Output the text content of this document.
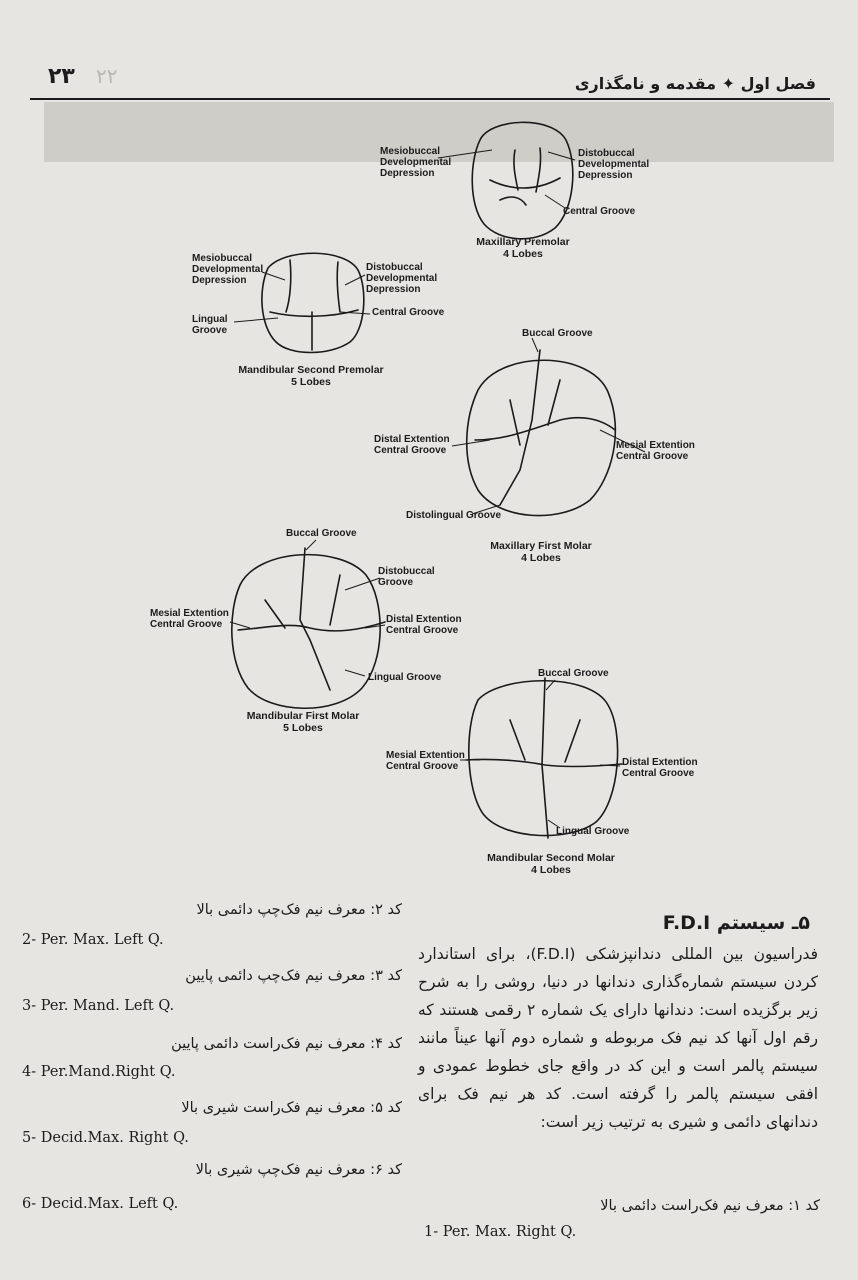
۲۳ ۲۲	فصل اول ✦ مقدمه و نامگذاری
Mesiobuccal
Developmental
Depression
Distobuccal
Developmental
Depression
Central Groove
Maxillary Premolar
4 Lobes
Mesiobuccal
Developmental
Depression
Distobuccal
Developmental
Depression
Central Groove
Lingual
Groove
Mandibular Second Premolar
5 Lobes
Buccal Groove
Distal Extention
Central Groove	Mesial Extention
Central Groove
Distolingual Groove
Maxillary First Molar
4 Lobes
Buccal Groove
Distobuccal
Groove
Mesial Extention
Central Groove	Distal Extention
Central Groove
Lingual Groove
Mandibular First Molar
5 Lobes
Buccal Groove
Mesial Extention
Central Groove	Distal Extention
Central Groove
Lingual Groove
Mandibular Second Molar
4 Lobes
۵ـ سیستم F.D.I
فدراسیون بین المللی دندانپزشکی (F.D.I)، برای استاندارد کردن سیستم شماره‌گذاری دندانها در دنیا، روشی را به شرح زیر برگزیده است: دندانها دارای یک شماره ۲ رقمی هستند که رقم اول آنها کد نیم فک مربوطه و شماره دوم آنها عیناً مانند سیستم پالمر است و این کد در واقع جای خطوط عمودی و افقی سیستم پالمر را گرفته است. کد هر نیم فک برای دندانهای دائمی و شیری به ترتیب زیر است:
کد ۱: معرف نیم فک‌راست دائمی بالا
1- Per. Max. Right Q.
کد ۲: معرف نیم فک‌چپ دائمی بالا
2- Per. Max. Left Q.
کد ۳: معرف نیم فک‌چپ دائمی پایین
3- Per. Mand. Left Q.
کد ۴: معرف نیم فک‌راست دائمی پایین
4- Per.Mand.Right Q.
کد ۵: معرف نیم فک‌راست شیری بالا
5- Decid.Max. Right Q.
کد ۶: معرف نیم فک‌چپ شیری بالا
6- Decid.Max. Left Q.
